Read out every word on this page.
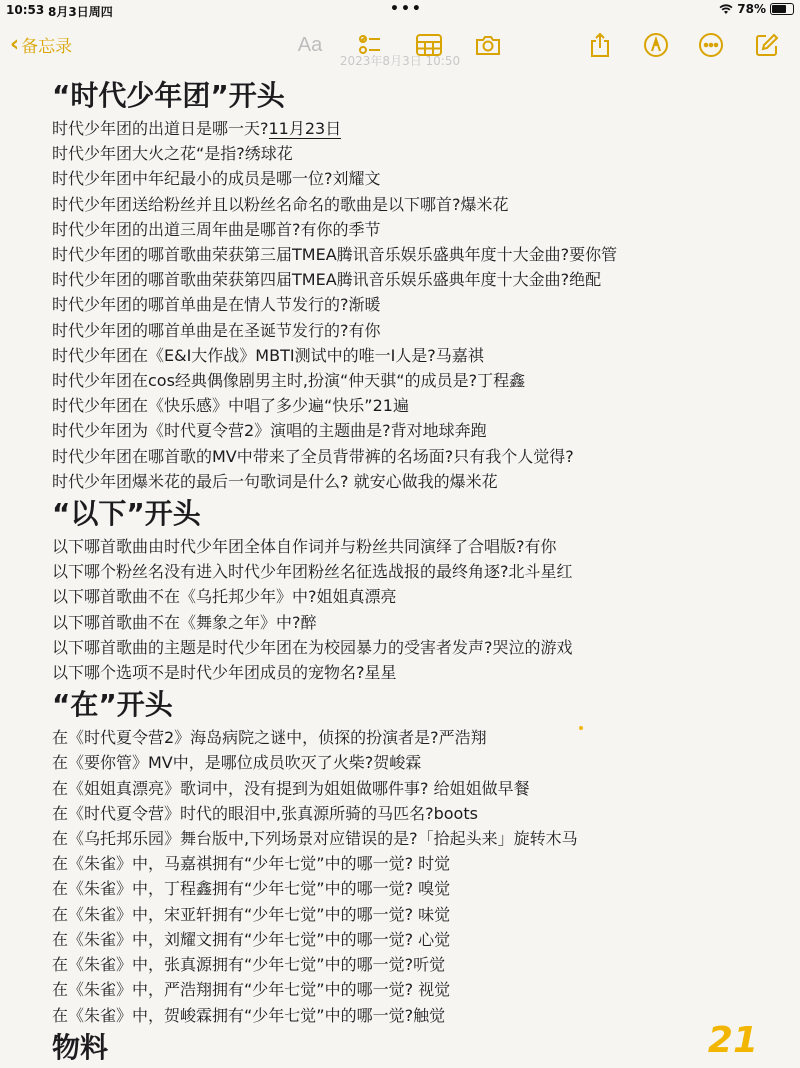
10:53 8月3日周四	•••	78%
‹ 备忘录	Aa
2023年8月3日 10:50
“时代少年团”开头
时代少年团的出道日是哪一天?11月23日
时代少年团大火之花“是指?绣球花
时代少年团中年纪最小的成员是哪一位?刘耀文
时代少年团送给粉丝并且以粉丝名命名的歌曲是以下哪首?爆米花
时代少年团的出道三周年曲是哪首?有你的季节
时代少年团的哪首歌曲荣获第三届TMEA腾讯音乐娱乐盛典年度十大金曲?要你管
时代少年团的哪首歌曲荣获第四届TMEA腾讯音乐娱乐盛典年度十大金曲?绝配
时代少年团的哪首单曲是在情人节发行的?渐暖
时代少年团的哪首单曲是在圣诞节发行的?有你
时代少年团在《E&I大作战》MBTI测试中的唯一I人是?马嘉祺
时代少年团在cos经典偶像剧男主时,扮演“仲天骐“的成员是?丁程鑫
时代少年团在《快乐感》中唱了多少遍“快乐”21遍
时代少年团为《时代夏令营2》演唱的主题曲是?背对地球奔跑
时代少年团在哪首歌的MV中带来了全员背带裤的名场面?只有我个人觉得?
时代少年团爆米花的最后一句歌词是什么? 就安心做我的爆米花
“以下”开头
以下哪首歌曲由时代少年团全体自作词并与粉丝共同演绎了合唱版?有你
以下哪个粉丝名没有进入时代少年团粉丝名征选战报的最终角逐?北斗星红
以下哪首歌曲不在《乌托邦少年》中?姐姐真漂亮
以下哪首歌曲不在《舞象之年》中?醉
以下哪首歌曲的主题是时代少年团在为校园暴力的受害者发声?哭泣的游戏
以下哪个选项不是时代少年团成员的宠物名?星星
“在”开头
在《时代夏令营2》海岛病院之谜中，侦探的扮演者是?严浩翔
在《要你管》MV中，是哪位成员吹灭了火柴?贺峻霖
在《姐姐真漂亮》歌词中，没有提到为姐姐做哪件事? 给姐姐做早餐
在《时代夏令营》时代的眼泪中,张真源所骑的马匹名?boots
在《乌托邦乐园》舞台版中,下列场景对应错误的是?「拾起头来」旋转木马
在《朱雀》中，马嘉祺拥有“少年七觉”中的哪一觉? 时觉
在《朱雀》中，丁程鑫拥有“少年七觉”中的哪一觉? 嗅觉
在《朱雀》中，宋亚轩拥有“少年七觉”中的哪一觉? 味觉
在《朱雀》中，刘耀文拥有“少年七觉”中的哪一觉? 心觉
在《朱雀》中，张真源拥有“少年七觉”中的哪一觉?听觉
在《朱雀》中，严浩翔拥有“少年七觉”中的哪一觉? 视觉
在《朱雀》中，贺峻霖拥有“少年七觉”中的哪一觉?触觉
物料	21
